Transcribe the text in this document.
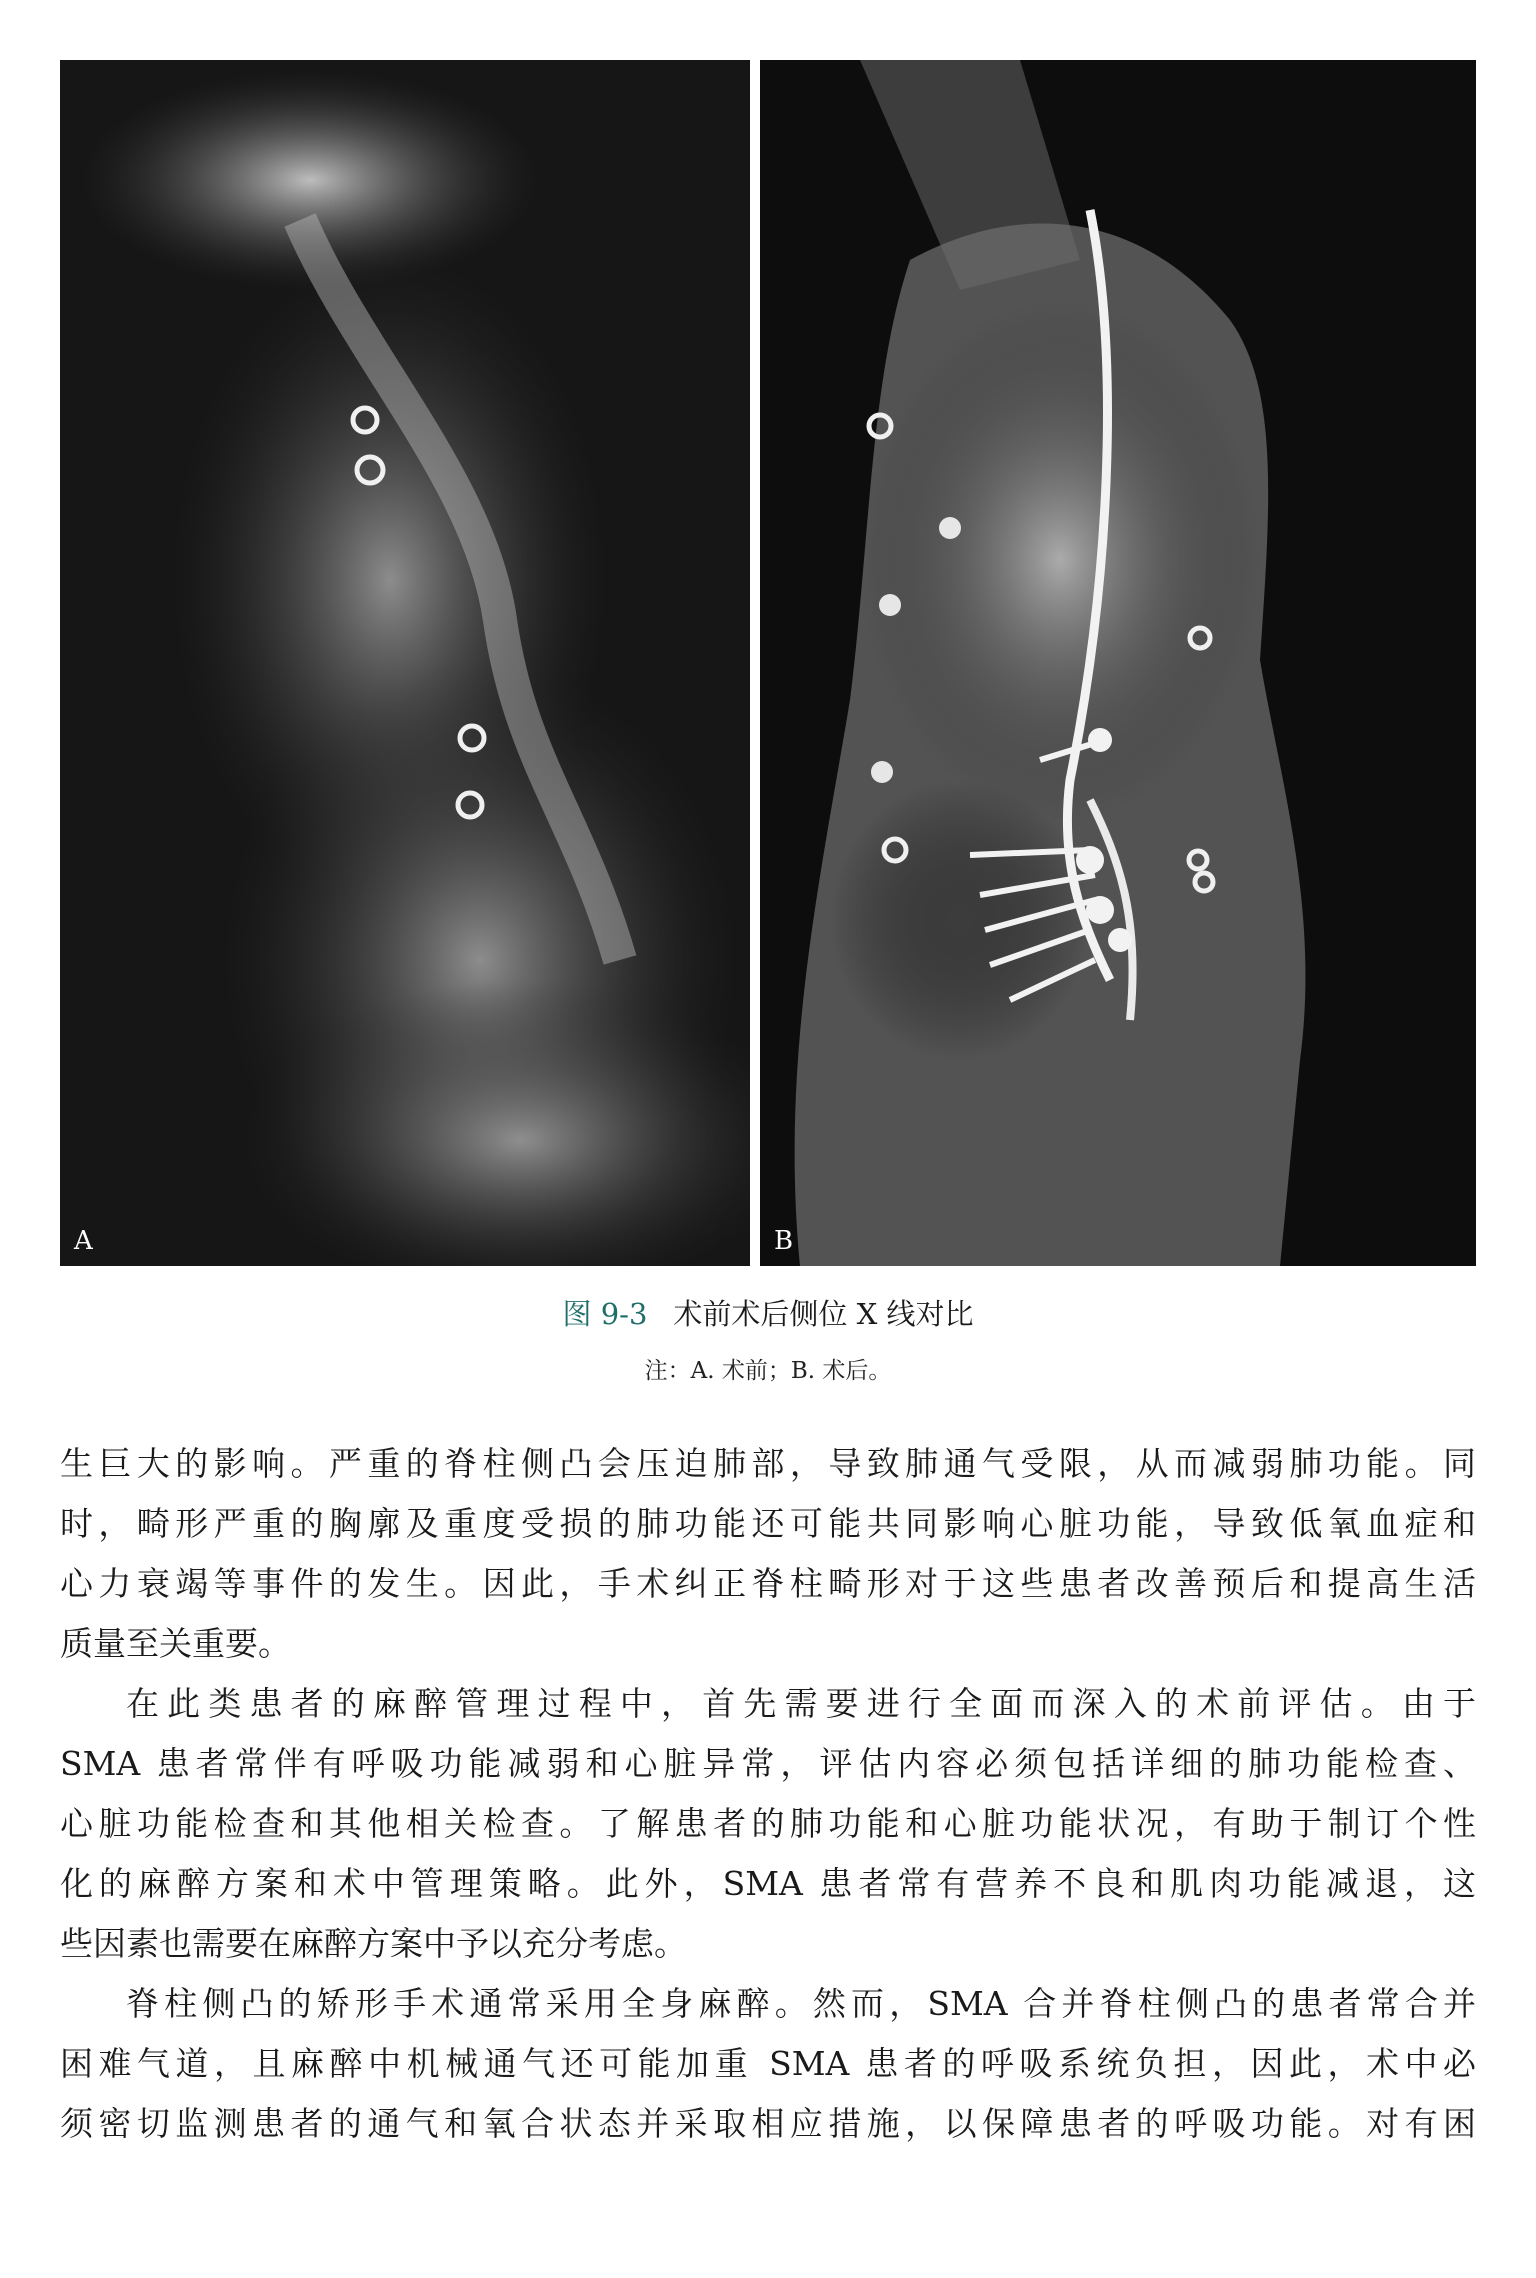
A	B
图 9-3 术前术后侧位 X 线对比
注：A. 术前；B. 术后。
生巨大的影响。严重的脊柱侧凸会压迫肺部，导致肺通气受限，从而减弱肺功能。同
时，畸形严重的胸廓及重度受损的肺功能还可能共同影响心脏功能，导致低氧血症和
心力衰竭等事件的发生。因此，手术纠正脊柱畸形对于这些患者改善预后和提高生活
质量至关重要。
在此类患者的麻醉管理过程中，首先需要进行全面而深入的术前评估。由于
SMA 患者常伴有呼吸功能减弱和心脏异常，评估内容必须包括详细的肺功能检查、
心脏功能检查和其他相关检查。了解患者的肺功能和心脏功能状况，有助于制订个性
化的麻醉方案和术中管理策略。此外，SMA 患者常有营养不良和肌肉功能减退，这
些因素也需要在麻醉方案中予以充分考虑。
脊柱侧凸的矫形手术通常采用全身麻醉。然而，SMA 合并脊柱侧凸的患者常合并
困难气道，且麻醉中机械通气还可能加重 SMA 患者的呼吸系统负担，因此，术中必
须密切监测患者的通气和氧合状态并采取相应措施，以保障患者的呼吸功能。对有困
